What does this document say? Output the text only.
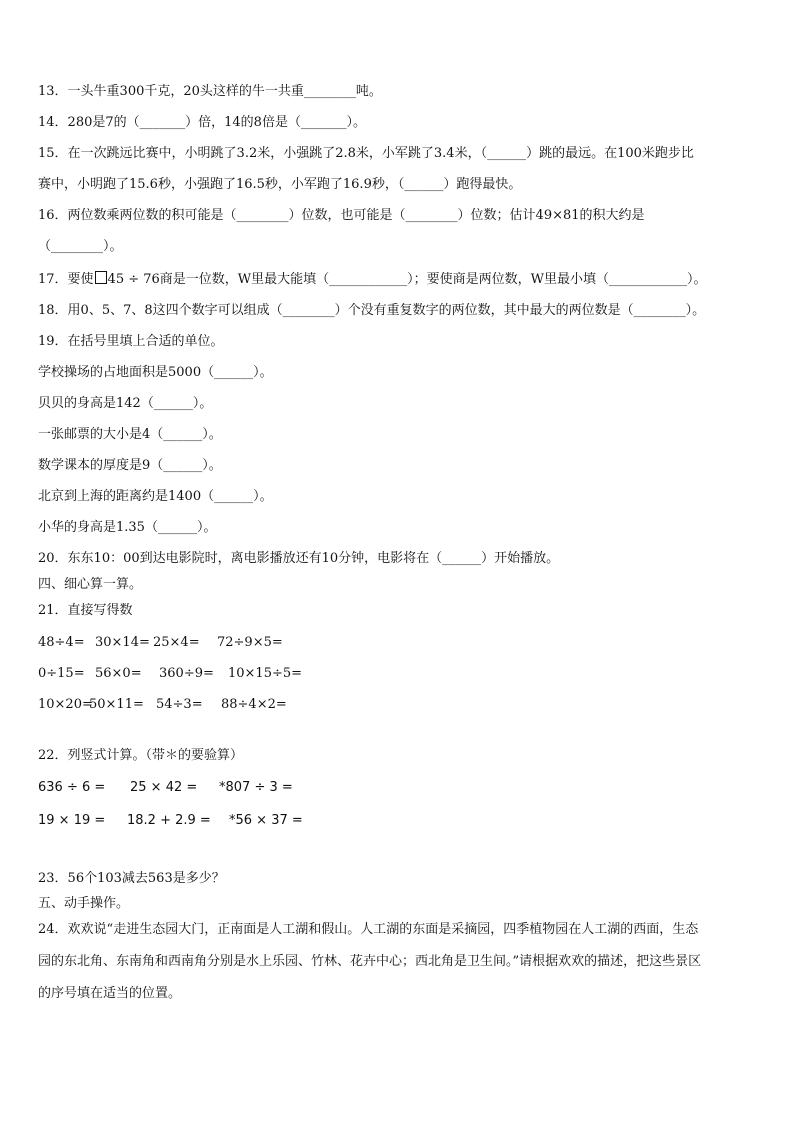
13．一头牛重300千克，20头这样的牛一共重________吨。
14．280是7的（_______）倍，14的8倍是（_______）。
15．在一次跳远比赛中，小明跳了3.2米，小强跳了2.8米，小军跳了3.4米，（______）跳的最远。在100米跑步比
赛中，小明跑了15.6秒，小强跑了16.5秒，小军跑了16.9秒，（______）跑得最快。
16．两位数乘两位数的积可能是（________）位数，也可能是（________）位数；估计49×81的积大约是
（________）。
17．要使 45 ÷ 76商是一位数，W里最大能填（____________）；要使商是两位数，W里最小填（____________）。
18．用0、5、7、8这四个数字可以组成（________）个没有重复数字的两位数，其中最大的两位数是（________）。
19．在括号里填上合适的单位。
学校操场的占地面积是5000（______）。
贝贝的身高是142（______）。
一张邮票的大小是4（______）。
数学课本的厚度是9（______）。
北京到上海的距离约是1400（______）。
小华的身高是1.35（______）。
20．东东10：00到达电影院时，离电影播放还有10分钟，电影将在（______）开始播放。
四、细心算一算。
21．直接写得数
48÷4= 30×14= 25×4= 72÷9×5=
0÷15= 56×0= 360÷9= 10×15÷5=
10×20=
50×11= 54÷3= 88÷4×2=
22．列竖式计算。（带＊的要验算）
636 ÷ 6 = 25 × 42 = *807 ÷ 3 =
19 × 19 = 18.2 + 2.9 = *56 × 37 =
23．56个103减去563是多少？
五、动手操作。
24．欢欢说“走进生态园大门，正南面是人工湖和假山。人工湖的东面是采摘园，四季植物园在人工湖的西面，生态
园的东北角、东南角和西南角分别是水上乐园、竹林、花卉中心；西北角是卫生间。”请根据欢欢的描述，把这些景区
的序号填在适当的位置。
